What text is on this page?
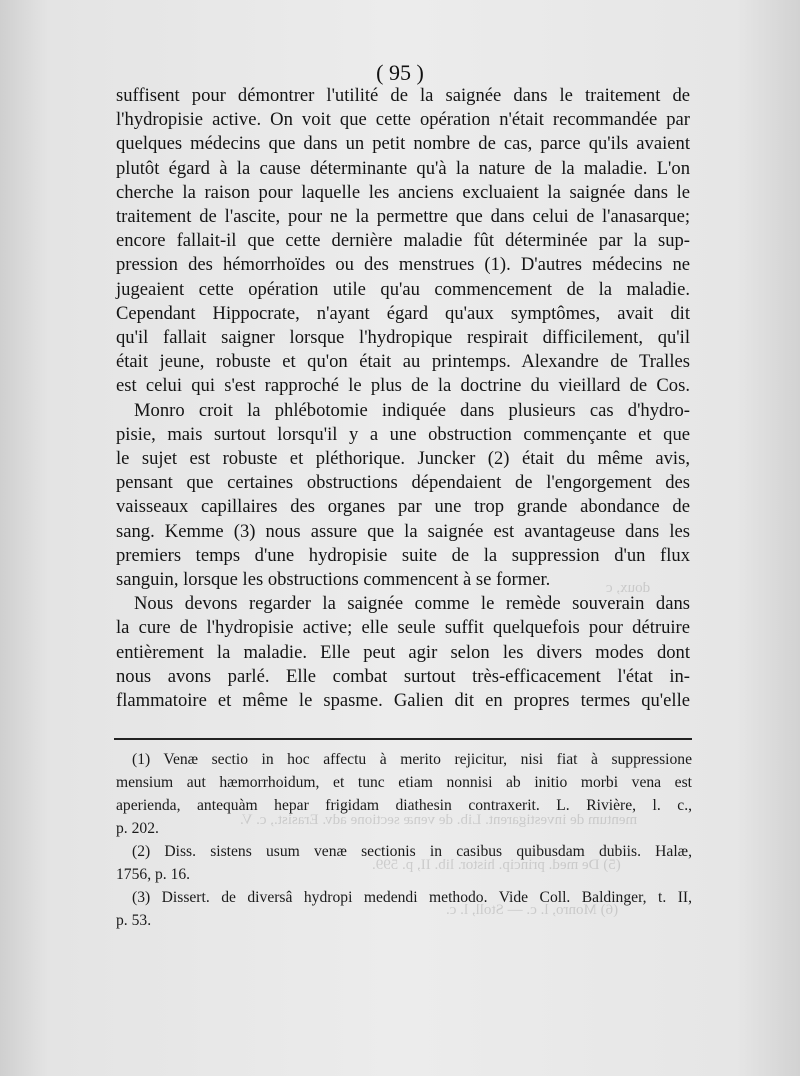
doux, c
mentum de investigarent. Lib. de venæ sectione adv. Erasist., c. V.
(5) De med. princip. histor. lib. II, p. 599.
(6) Monro, l. c. — Stoll, l. c.
( 95 )
suffisent pour démontrer l'utilité de la saignée dans le traitement de
l'hydropisie active. On voit que cette opération n'était recommandée par
quelques médecins que dans un petit nombre de cas, parce qu'ils avaient
plutôt égard à la cause déterminante qu'à la nature de la maladie. L'on
cherche la raison pour laquelle les anciens excluaient la saignée dans le
traitement de l'ascite, pour ne la permettre que dans celui de l'anasarque;
encore fallait-il que cette dernière maladie fût déterminée par la sup-
pression des hémorrhoïdes ou des menstrues (1). D'autres médecins ne
jugeaient cette opération utile qu'au commencement de la maladie.
Cependant Hippocrate, n'ayant égard qu'aux symptômes, avait dit
qu'il fallait saigner lorsque l'hydropique respirait difficilement, qu'il
était jeune, robuste et qu'on était au printemps. Alexandre de Tralles
est celui qui s'est rapproché le plus de la doctrine du vieillard de Cos.
Monro croit la phlébotomie indiquée dans plusieurs cas d'hydro-
pisie, mais surtout lorsqu'il y a une obstruction commençante et que
le sujet est robuste et pléthorique. Juncker (2) était du même avis,
pensant que certaines obstructions dépendaient de l'engorgement des
vaisseaux capillaires des organes par une trop grande abondance de
sang. Kemme (3) nous assure que la saignée est avantageuse dans les
premiers temps d'une hydropisie suite de la suppression d'un flux
sanguin, lorsque les obstructions commencent à se former.
Nous devons regarder la saignée comme le remède souverain dans
la cure de l'hydropisie active; elle seule suffit quelquefois pour détruire
entièrement la maladie. Elle peut agir selon les divers modes dont
nous avons parlé. Elle combat surtout très-efficacement l'état in-
flammatoire et même le spasme. Galien dit en propres termes qu'elle
(1) Venæ sectio in hoc affectu à merito rejicitur, nisi fiat à suppressione
mensium aut hæmorrhoidum, et tunc etiam nonnisi ab initio morbi vena est
aperienda, antequàm hepar frigidam diathesin contraxerit. L. Rivière, l. c.,
p. 202.
(2) Diss. sistens usum venæ sectionis in casibus quibusdam dubiis. Halæ,
1756, p. 16.
(3) Dissert. de diversâ hydropi medendi methodo. Vide Coll. Baldinger, t. II,
p. 53.
